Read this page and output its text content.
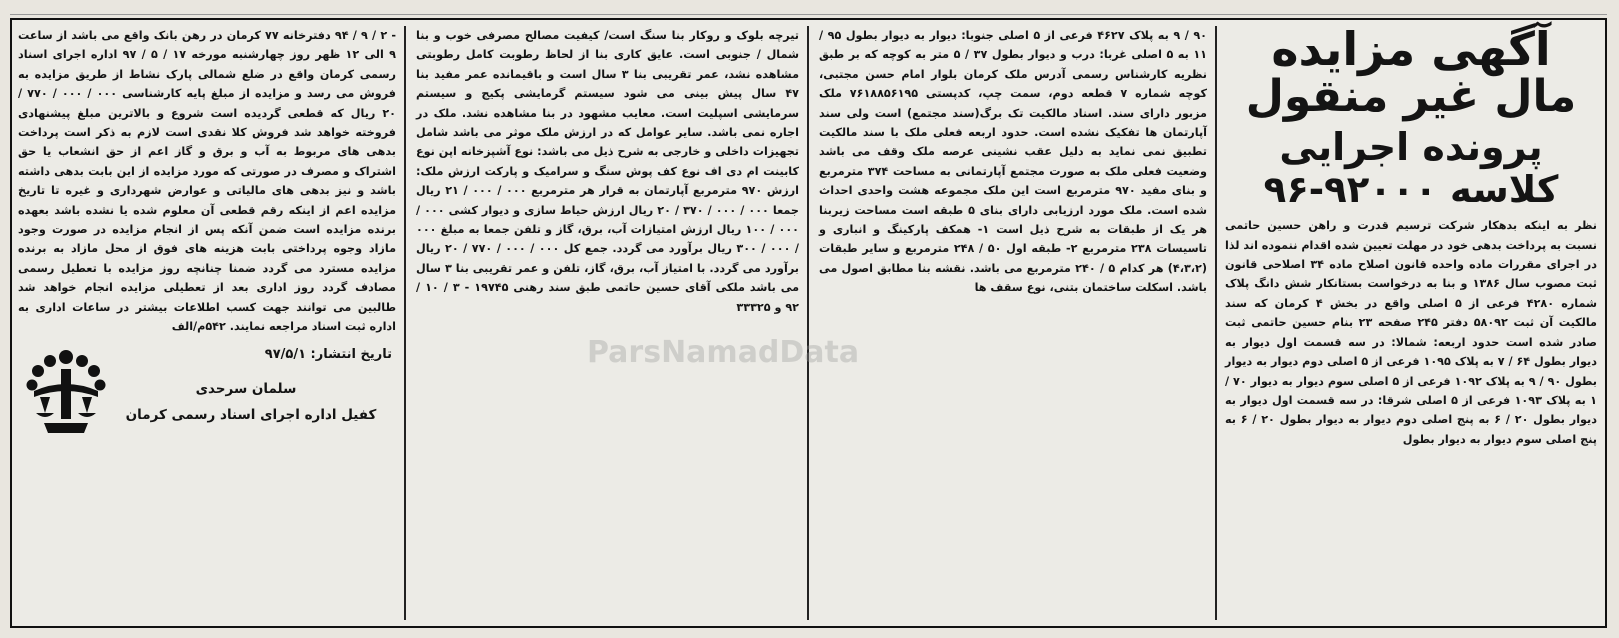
آگهی مزایده
مال غیر منقول
پرونده اجرایی
کلاسه ۹۲۰۰۰-۹۶

نظر به اینکه بدهکار شرکت ترسیم قدرت و راهن حسین حاتمی نسبت به پرداخت بدهی خود در مهلت تعیین شده اقدام ننموده اند لذا در اجرای مقررات ماده واحده قانون اصلاح ماده ۳۴ اصلاحی قانون ثبت مصوب سال ۱۳۸۶ و بنا به درخواست بستانکار شش دانگ پلاک شماره ۴۲۸۰ فرعی از ۵ اصلی واقع در بخش ۴ کرمان که سند مالکیت آن ثبت ۵۸۰۹۲ دفتر ۲۴۵ صفحه ۲۳ بنام حسین حاتمی ثبت صادر شده است حدود اربعه: شمالا: در سه قسمت اول دیوار به دیوار بطول ۶۴ / ۷ به پلاک ۱۰۹۵ فرعی از ۵ اصلی دوم دیوار به دیوار بطول ۹۰ / ۹ به پلاک ۱۰۹۲ فرعی از ۵ اصلی سوم دیوار به دیوار ۷۰ / ۱ به پلاک ۱۰۹۳ فرعی از ۵ اصلی شرقا: در سه قسمت اول دیوار به دیوار بطول ۲۰ / ۶ به پنج اصلی دوم دیوار به دیوار بطول ۲۰ / ۶ به پنج اصلی سوم دیوار به دیوار بطول

۹۰ / ۹ به پلاک ۴۶۲۷ فرعی از ۵ اصلی جنوبا: دیوار به دیوار بطول ۹۵ / ۱۱ به ۵ اصلی غربا: درب و دیوار بطول ۳۷ / ۵ متر به کوچه که بر طبق نظریه کارشناس رسمی آدرس ملک کرمان بلوار امام حسن مجتبی، کوچه شماره ۷ قطعه دوم، سمت چپ، کدپستی ۷۶۱۸۸۵۶۱۹۵ ملک مزبور دارای سند. اسناد مالکیت تک برگ(سند مجتمع) است ولی سند آپارتمان ها تفکیک نشده است. حدود اربعه فعلی ملک با سند مالکیت تطبیق نمی نماید به دلیل عقب نشینی عرصه ملک وقف می باشد وضعیت فعلی ملک به صورت مجتمع آپارتمانی به مساحت ۳۷۴ مترمربع و بنای مفید ۹۷۰ مترمربع است این ملک مجموعه هشت واحدی احداث شده است. ملک مورد ارزیابی دارای بنای ۵ طبقه است مساحت زیربنا هر یک از طبقات به شرح ذیل است ۱- همکف پارکینگ و انباری و تاسیسات ۲۳۸ مترمربع ۲- طبقه اول ۵۰ / ۲۴۸ مترمربع و سایر طبقات (۴،۳،۲) هر کدام ۵ / ۲۴۰ مترمربع می باشد. نقشه بنا مطابق اصول می باشد. اسکلت ساختمان بتنی، نوع سقف ها

تیرچه بلوک و روکار بنا سنگ است/ کیفیت مصالح مصرفی خوب و بنا شمال / جنوبی است. عایق کاری بنا از لحاظ رطوبت کامل رطوبتی مشاهده نشد، عمر تقریبی بنا ۳ سال است و باقیمانده عمر مفید بنا ۴۷ سال پیش بینی می شود سیستم گرمایشی پکیج و سیستم سرمایشی اسپلیت است. معایب مشهود در بنا مشاهده نشد. ملک در اجاره نمی باشد. سایر عوامل که در ارزش ملک موثر می باشد شامل تجهیزات داخلی و خارجی به شرح ذیل می باشد: نوع آشپزخانه اپن نوع کابینت ام دی اف نوع کف پوش سنگ و سرامیک و پارکت ارزش ملک: ارزش ۹۷۰ مترمربع آپارتمان به قرار هر مترمربع ۰۰۰ / ۰۰۰ / ۲۱ ریال جمعا ۰۰۰ / ۰۰۰ / ۳۷۰ / ۲۰ ریال ارزش حیاط سازی و دیوار کشی ۰۰۰ / ۰۰۰ / ۱۰۰ ریال ارزش امتیازات آب، برق، گاز و تلفن جمعا به مبلغ ۰۰۰ / ۰۰۰ / ۳۰۰ ریال برآورد می گردد. جمع کل ۰۰۰ / ۰۰۰ / ۷۷۰ / ۲۰ ریال برآورد می گردد. با امتیاز آب، برق، گاز، تلفن و عمر تقریبی بنا ۳ سال می باشد ملکی آقای حسین حاتمی طبق سند رهنی ۱۹۷۴۵ - ۳ / ۱۰ / ۹۲ و ۳۳۳۲۵

- ۲ / ۹ / ۹۴ دفترخانه ۷۷ کرمان در رهن بانک واقع می باشد از ساعت ۹ الی ۱۲ ظهر روز چهارشنبه مورخه ۱۷ / ۵ / ۹۷ اداره اجرای اسناد رسمی کرمان واقع در ضلع شمالی پارک نشاط از طریق مزایده به فروش می رسد و مزایده از مبلغ پایه کارشناسی ۰۰۰ / ۰۰۰ / ۷۷۰ / ۲۰ ریال که قطعی گردیده است شروع و بالاترین مبلغ پیشنهادی فروخته خواهد شد فروش کلا نقدی است لازم به ذکر است پرداخت بدهی های مربوط به آب و برق و گاز اعم از حق انشعاب یا حق اشتراک و مصرف در صورتی که مورد مزایده از این بابت بدهی داشته باشد و نیز بدهی های مالیاتی و عوارض شهرداری و غیره تا تاریخ مزایده اعم از اینکه رقم قطعی آن معلوم شده یا نشده باشد بعهده برنده مزایده است ضمن آنکه پس از انجام مزایده در صورت وجود مازاد وجوه پرداختی بابت هزینه های فوق از محل مازاد به برنده مزایده مسترد می گردد ضمنا چنانچه روز مزایده با تعطیل رسمی مصادف گردد روز اداری بعد از تعطیلی مزایده انجام خواهد شد طالبین می توانند جهت کسب اطلاعات بیشتر در ساعات اداری به اداره ثبت اسناد مراجعه نمایند. ۵۴۲م/الف

تاریخ انتشار: ۹۷/۵/۱
سلمان سرحدی
کفیل اداره اجرای اسناد رسمی کرمان
ParsNamadData
